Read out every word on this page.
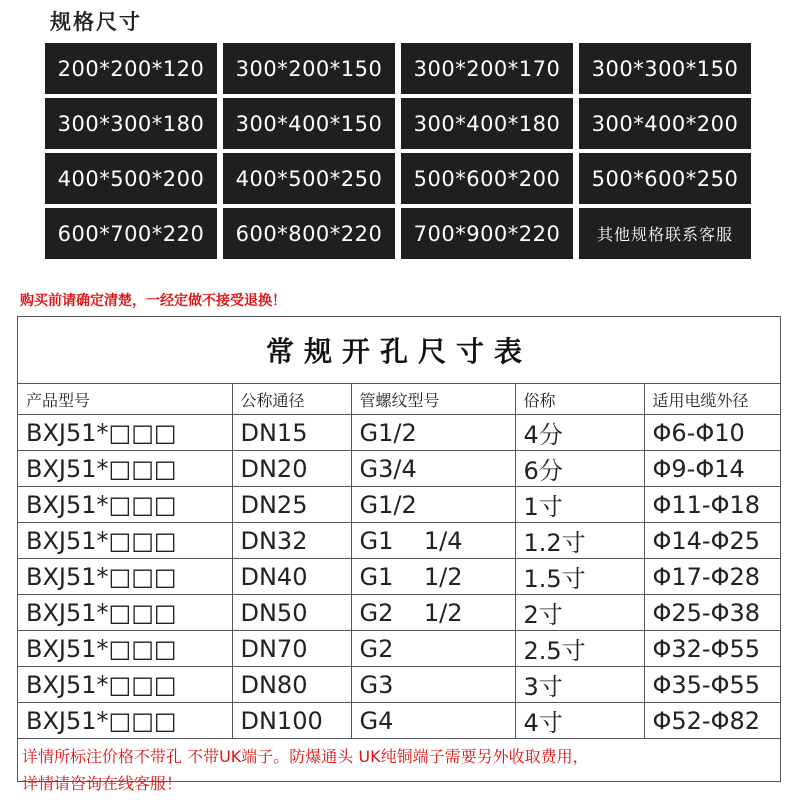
规格尺寸
200*200*120	300*200*150	300*200*170	300*300*150
300*300*180	300*400*150	300*400*180	300*400*200
400*500*200	400*500*250	500*600*200	500*600*250
600*700*220	600*800*220	700*900*220	其他规格联系客服
购买前请确定清楚，一经定做不接受退换！
常规开孔尺寸表
产品型号	公称通径	管螺纹型号	俗称	适用电缆外径
BXJ51*□□□	DN15	G1/2	4分	Φ6-Φ10
BXJ51*□□□	DN20	G3/4	6分	Φ9-Φ14
BXJ51*□□□	DN25	G1/2	1寸	Φ11-Φ18
BXJ51*□□□	DN32	G1    1/4	1.2寸	Φ14-Φ25
BXJ51*□□□	DN40	G1    1/2	1.5寸	Φ17-Φ28
BXJ51*□□□	DN50	G2    1/2	2寸	Φ25-Φ38
BXJ51*□□□	DN70	G2	2.5寸	Φ32-Φ55
BXJ51*□□□	DN80	G3	3寸	Φ35-Φ55
BXJ51*□□□	DN100	G4	4寸	Φ52-Φ82
详情所标注价格不带孔 不带UK端子。防爆通头 UK纯铜端子需要另外收取费用，
详情请咨询在线客服！
